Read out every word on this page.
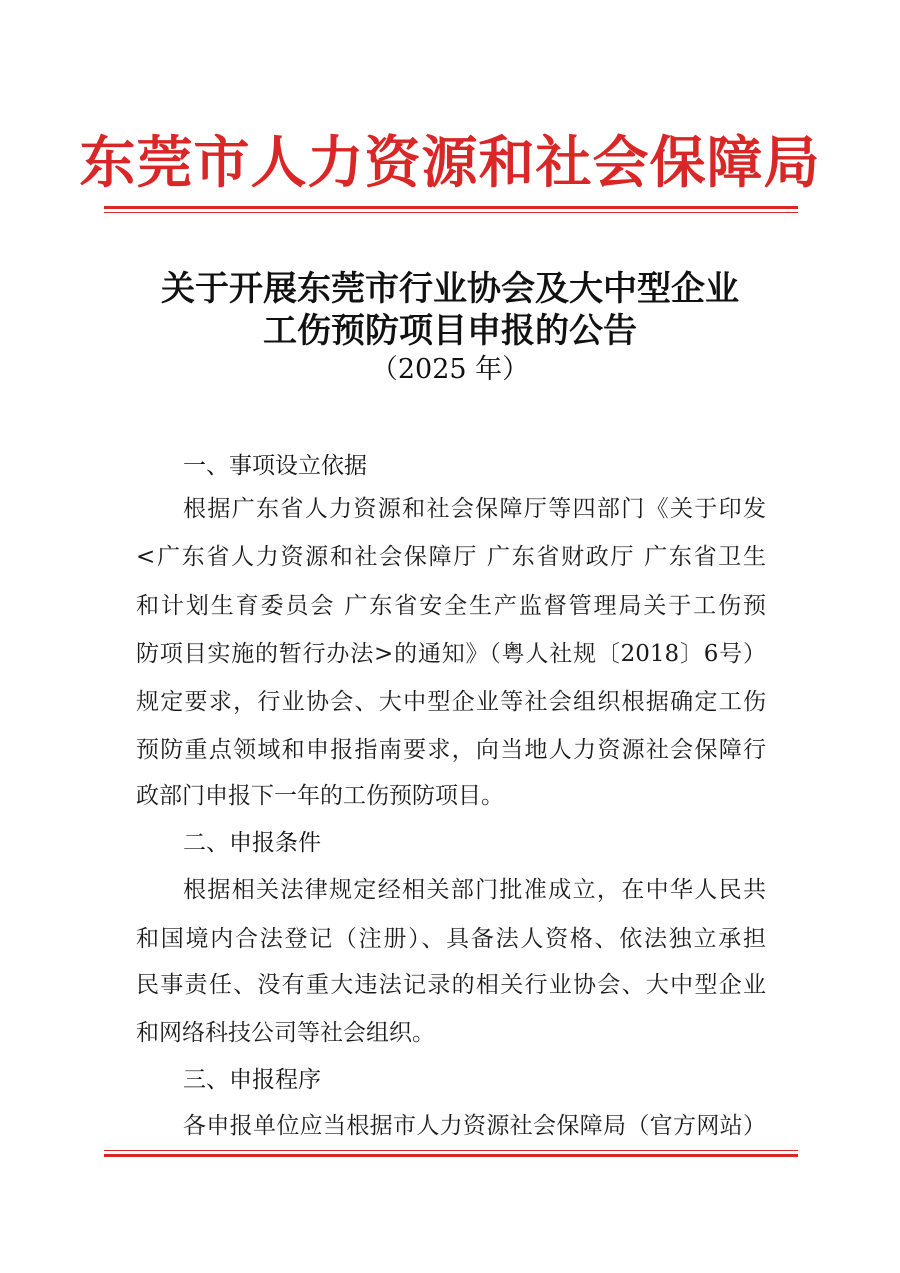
东莞市人力资源和社会保障局
关于开展东莞市行业协会及大中型企业
工伤预防项目申报的公告
（2025 年）
一、事项设立依据
根据广东省人力资源和社会保障厅等四部门《关于印发
<广东省人力资源和社会保障厅 广东省财政厅 广东省卫生
和计划生育委员会 广东省安全生产监督管理局关于工伤预
防项目实施的暂行办法>的通知》（粤人社规〔2018〕6号）
规定要求，行业协会、大中型企业等社会组织根据确定工伤
预防重点领域和申报指南要求，向当地人力资源社会保障行
政部门申报下一年的工伤预防项目。
二、申报条件
根据相关法律规定经相关部门批准成立，在中华人民共
和国境内合法登记（注册）、具备法人资格、依法独立承担
民事责任、没有重大违法记录的相关行业协会、大中型企业
和网络科技公司等社会组织。
三、申报程序
各申报单位应当根据市人力资源社会保障局（官方网站）
